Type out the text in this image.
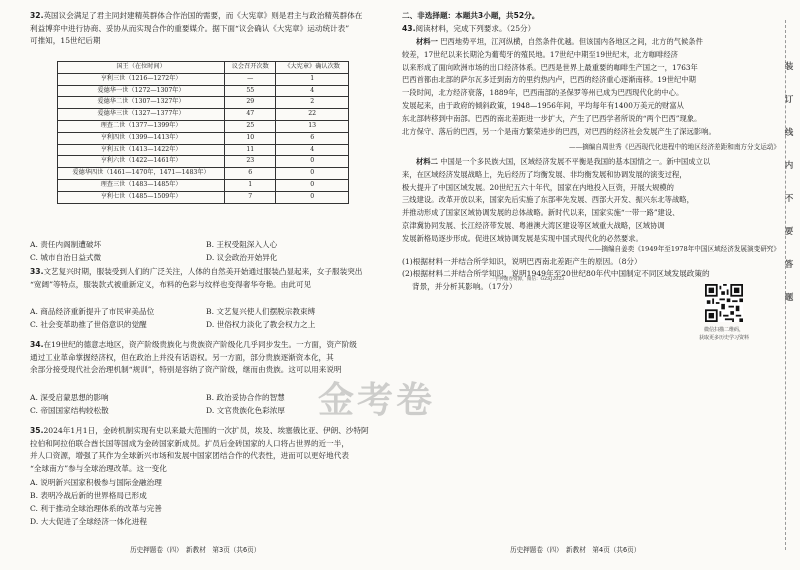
32.英国议会满足了君主同封建精英群体合作治国的需要，而《大宪章》则是君主与政治精英群体在
利益博弈中进行协商、妥协从而实现合作的重要媒介。据下面“议会确认《大宪章》运动统计表”
可推知，15世纪后期
国王（在位时间）	议会召开次数	《大宪章》确认次数
亨利三世（1216—1272年）	—	1
爱德华一世（1272—1307年）	55	4
爱德华二世（1307—1327年）	29	2
爱德华三世（1327—1377年）	47	22
理查二世（1377—1399年）	25	13
亨利四世（1399—1413年）	10	6
亨利五世（1413—1422年）	11	4
亨利六世（1422—1461年）	23	0
爱德华四世（1461—1470年，1471—1483年）	6	0
理查三世（1483—1485年）	1	0
亨利七世（1485—1509年）	7	0
A. 责任内阁制遭破坏	B. 王权受阻深入人心
C. 城市自治日益式微	D. 议会政治开始异化
33.文艺复兴时期，服装受到人们的广泛关注，人体的自然美开始通过服装凸显起来，女子服装突出
“宽阔”等特点，服装款式被重新定义，布料的色彩与纹样也变得奢华夸艳。由此可见
A. 商品经济重新提升了市民审美品位	B. 文艺复兴使人们摆脱宗教束缚
C. 社会变革助推了世俗意识的觉醒	D. 世俗权力淡化了教会权力之上
34.在19世纪的德意志地区，资产阶级贵族化与贵族资产阶级化几乎同步发生。一方面，资产阶级
通过工业革命掌握经济权，但在政治上并没有话语权。另一方面，部分贵族逐渐资本化，其
余部分接受现代社会治理机制“规训”，特别是容纳了资产阶级，继而由贵族。这可以用来说明
A. 深受启蒙思想的影响	B. 政治妥协合作的智慧
C. 帝国国家结构较松散	D. 文官贵族化色彩浓厚
35.2024年1月1日，金砖机制实现有史以来最大范围的一次扩员，埃及、埃塞俄比亚、伊朗、沙特阿
拉伯和阿拉伯联合酋长国等国成为金砖国家新成员。扩员后金砖国家的人口将占世界的近一半，
并人口资源，增强了其作为全球新兴市场和发展中国家团结合作的代表性，进而可以更好地代表
“全球南方”参与全球治理改革。这一变化
A. 说明新兴国家积极参与国际金融治理
B. 表明冷战后新的世界格局已形成
C. 利于推动全球治理体系的改革与完善
D. 大大促进了全球经济一体化进程
历史押题卷（四）　新教材　第3页（共6页）
二、非选择题：本题共3小题，共52分。
43.阅读材料，完成下列要求。（25分）
材料一 巴西地势平坦，江河纵横，自然条件优越。但该国内各地区之间，北方的气候条件
较差，17世纪以来长期沦为葡萄牙的殖民地。17世纪中期至19世纪末，北方咖啡经济
以来形成了面向欧洲市场的出口经济体系。巴西是世界上最重要的咖啡生产国之一，1763年
巴西首都由北部的萨尔瓦多迁到南方的里约热内卢，巴西的经济重心逐渐南移。19世纪中期
一段时间，北方经济衰落，1889年，巴西南部的圣保罗等州已成为巴西现代化的中心。
发展起来，由于政府的倾斜政策，1948—1956年间，平均每年有1400万美元的财富从
东北部转移到中南部。巴西的南北差距进一步扩大，产生了巴西学者所说的“两个巴西”现象。
北方保守、落后的巴西，另一个是南方繁荣进步的巴西，对巴西的经济社会发展产生了深远影响。
——摘编自周世秀《巴西现代化进程中的地区经济差距和南方分支运动》
材料二 中国是一个多民族大国，区域经济发展不平衡是我国的基本国情之一。新中国成立以
来，在区域经济发展战略上，先后经历了均衡发展、非均衡发展和协调发展的演变过程，
极大提升了中国区域发展。20世纪五六十年代，国家在内地投入巨资，开展大规模的
三线建设。改革开放以来，国家先后实施了东部率先发展、西部大开发、振兴东北等战略，
并推动形成了国家区域协调发展的总体战略。新时代以来，国家实施“一带一路”建设、
京津冀协同发展、长江经济带发展、粤港澳大湾区建设等区域重大战略，区域协调
发展新格局逐步形成。促进区域协调发展是实现中国式现代化的必然要求。
——摘编自姜奕《1949年至1978年中国区域经济发展演变研究》
(1)根据材料一并结合所学知识，说明巴西南北差距产生的原因。（8分）
一手押题卷资源，微信：GZSJ2023
(2)根据材料二并结合所学知识，说明1949年至20世纪80年代中国制定不同区域发展政策的
背景，并分析其影响。（17分）
历史押题卷（四）　新教材　第4页（共6页）
微信扫描二维码，
获取更多历史学习资料
装
订
线
内
不
要
答
题
金考卷
